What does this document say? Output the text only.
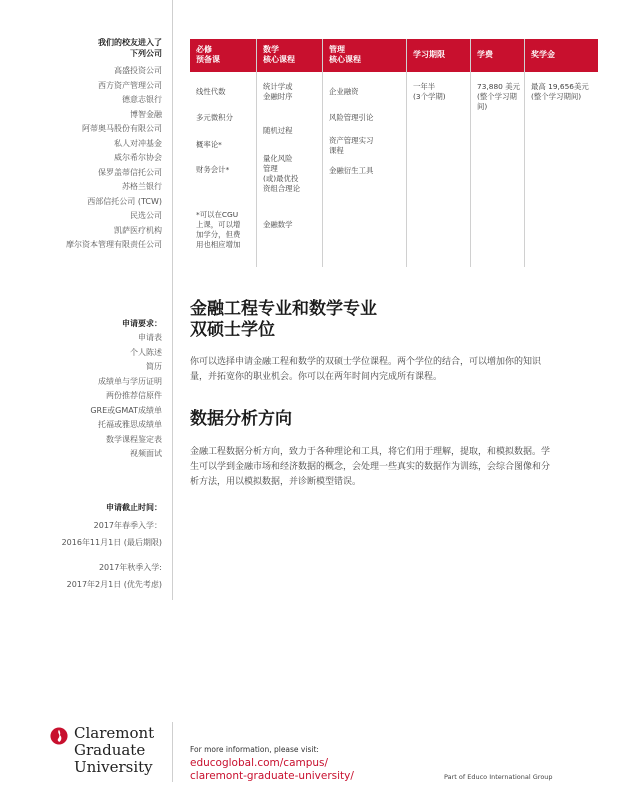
我们的校友进入了
下列公司
高盛投资公司
西方资产管理公司
德意志银行
博智金融
阿蒂奥马股份有限公司
私人对冲基金
威尔希尔协会
保罗盖蒂信托公司
苏格兰银行
西部信托公司 (TCW)
民选公司
凯萨医疗机构
摩尔资本管理有限责任公司
申请要求：
申请表
个人陈述
简历
成绩单与学历证明
两份推荐信原件
GRE或GMAT成绩单
托福或雅思成绩单
数学课程鉴定表
视频面试
申请截止时间：
2017年春季入学：
2016年11月1日 (最后期限)
2017年秋季入学:
2017年2月1日 (优先考虑)
必修
预备课
线性代数
多元微积分
概率论*
财务会计*
*可以在CGU
上课，可以增
加学分，但费
用也相应增加
数学
核心课程
统计学或
金融时序
随机过程
量化风险
管理
(或)最优投
资组合理论
金融数学
管理
核心课程
企业融资
风险管理引论
资产管理实习
课程
金融衍生工具
学习期限
一年半
(3个学期)
学费
73,880 美元
(整个学习期
间)
奖学金
最高 19,656美元
(整个学习期间)
金融工程专业和数学专业
双硕士学位
你可以选择申请金融工程和数学的双硕士学位课程。两个学位的结合，可以增加你的知识量，并拓宽你的职业机会。你可以在两年时间内完成所有课程。
数据分析方向
金融工程数据分析方向，致力于各种理论和工具，将它们用于理解，提取，和模拟数据。学生可以学到金融市场和经济数据的概念，会处理一些真实的数据作为训练，会综合图像和分析方法，用以模拟数据，并诊断模型错误。
Claremont
Graduate
University
For more information, please visit:
educoglobal.com/campus/
claremont-graduate-university/	Part of Educo International Group
